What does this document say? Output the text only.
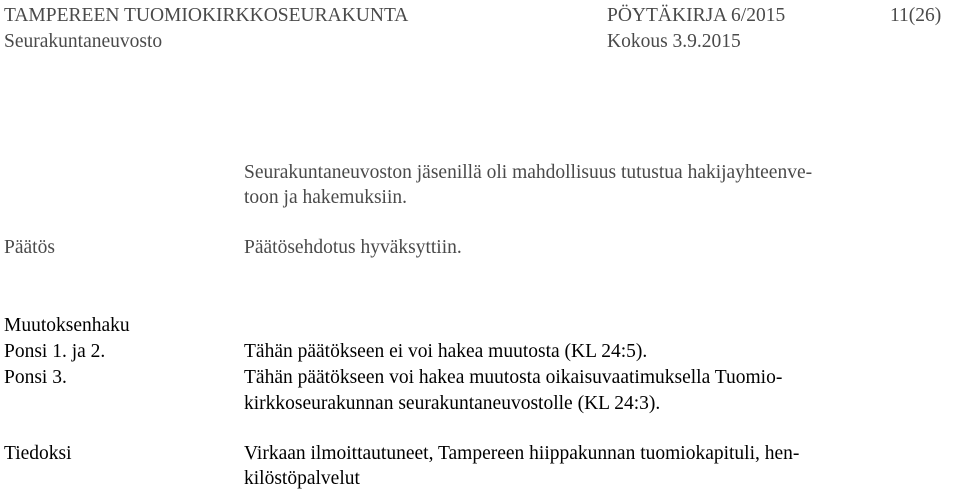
TAMPEREEN TUOMIOKIRKKOSEURAKUNTA	PÖYTÄKIRJA 6/2015	11(26)
Seurakuntaneuvosto	Kokous 3.9.2015
Seurakuntaneuvoston jäsenillä oli mahdollisuus tutustua hakijayhteenve-
toon ja hakemuksiin.
Päätös	Päätösehdotus hyväksyttiin.
Muutoksenhaku
Ponsi 1. ja 2.	Tähän päätökseen ei voi hakea muutosta (KL 24:5).
Ponsi 3.	Tähän päätökseen voi hakea muutosta oikaisuvaatimuksella Tuomio-
kirkkoseurakunnan seurakuntaneuvostolle (KL 24:3).
Tiedoksi	Virkaan ilmoittautuneet, Tampereen hiippakunnan tuomiokapituli, hen-
kilöstöpalvelut
